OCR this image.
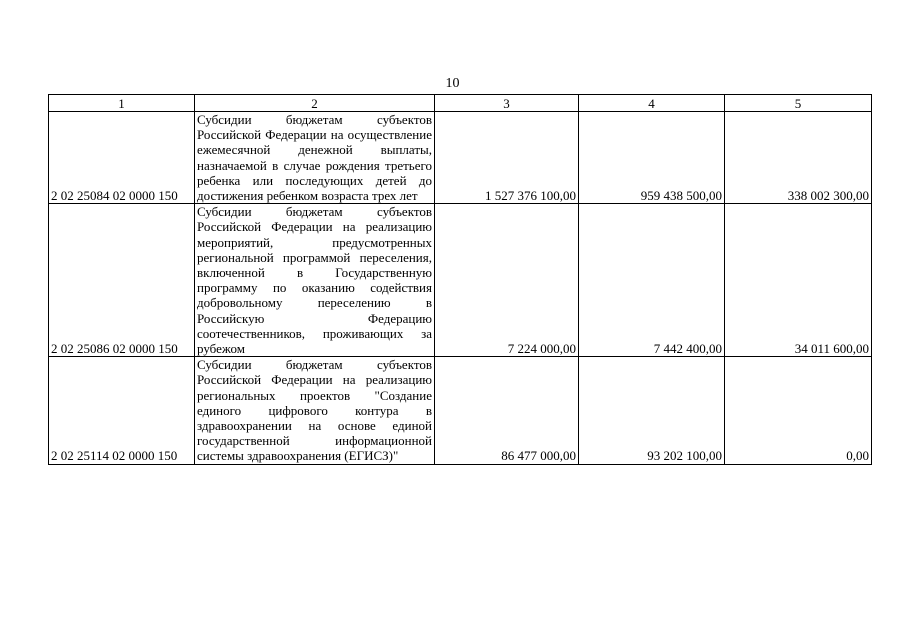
10
1	2	3	4	5
2 02 25084 02 0000 150	Субсидии бюджетам субъектов Российской Федерации на осуществление ежемесячной денежной выплаты, назначаемой в случае рождения третьего ребенка или последующих детей до достижения ребенком возраста трех лет	1 527 376 100,00	959 438 500,00	338 002 300,00
2 02 25086 02 0000 150	Субсидии бюджетам субъектов Российской Федерации на реализацию мероприятий, предусмотренных региональной программой переселения, включенной в Государственную программу по оказанию содействия добровольному переселению в Российскую Федерацию соотечественников, проживающих за рубежом	7 224 000,00	7 442 400,00	34 011 600,00
2 02 25114 02 0000 150	Субсидии бюджетам субъектов Российской Федерации на реализацию региональных проектов "Создание единого цифрового контура в здравоохранении на основе единой государственной информационной системы здравоохранения (ЕГИСЗ)"	86 477 000,00	93 202 100,00	0,00
